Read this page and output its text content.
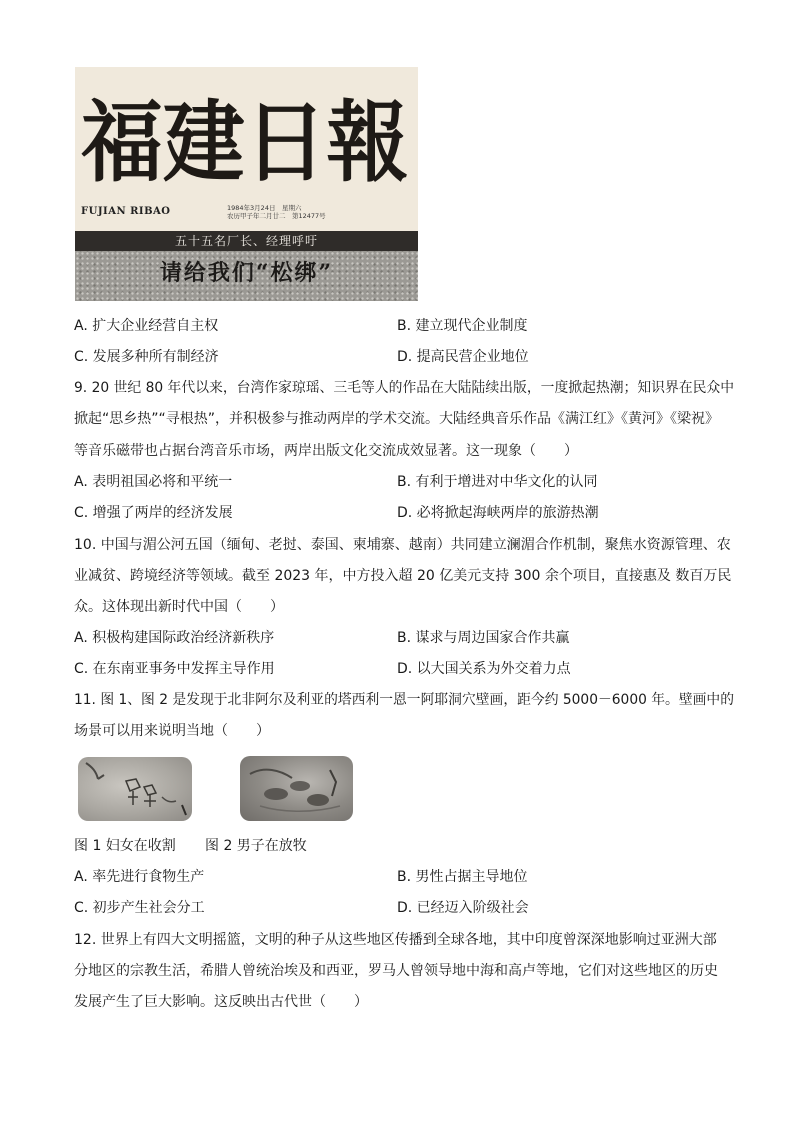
福建日報
FUJIAN RIBAO	1984年3月24日　星期六
农历甲子年二月廿二　第12477号
五十五名厂长、经理呼吁
请给我们“松绑”
A. 扩大企业经营自主权	B. 建立现代企业制度
C. 发展多种所有制经济	D. 提高民营企业地位
9. 20 世纪 80 年代以来，台湾作家琼瑶、三毛等人的作品在大陆陆续出版，一度掀起热潮；知识界在民众中
掀起“思乡热”“寻根热”，并积极参与推动两岸的学术交流。大陆经典音乐作品《满江红》《黄河》《梁祝》
等音乐磁带也占据台湾音乐市场，两岸出版文化交流成效显著。这一现象（　　）
A. 表明祖国必将和平统一	B. 有利于增进对中华文化的认同
C. 增强了两岸的经济发展	D. 必将掀起海峡两岸的旅游热潮
10. 中国与湄公河五国（缅甸、老挝、泰国、柬埔寨、越南）共同建立澜湄合作机制，聚焦水资源管理、农
业减贫、跨境经济等领域。截至 2023 年，中方投入超 20 亿美元支持 300 余个项目，直接惠及 数百万民
众。这体现出新时代中国（　　）
A. 积极构建国际政治经济新秩序	B. 谋求与周边国家合作共赢
C. 在东南亚事务中发挥主导作用	D. 以大国关系为外交着力点
11. 图 1、图 2 是发现于北非阿尔及利亚的塔西利一恩一阿耶洞穴壁画，距今约 5000－6000 年。壁画中的
场景可以用来说明当地（　　）
图 1 妇女在收割 图 2 男子在放牧
A. 率先进行食物生产	B. 男性占据主导地位
C. 初步产生社会分工	D. 已经迈入阶级社会
12. 世界上有四大文明摇篮，文明的种子从这些地区传播到全球各地，其中印度曾深深地影响过亚洲大部
分地区的宗教生活，希腊人曾统治埃及和西亚，罗马人曾领导地中海和高卢等地，它们对这些地区的历史
发展产生了巨大影响。这反映出古代世（　　）
